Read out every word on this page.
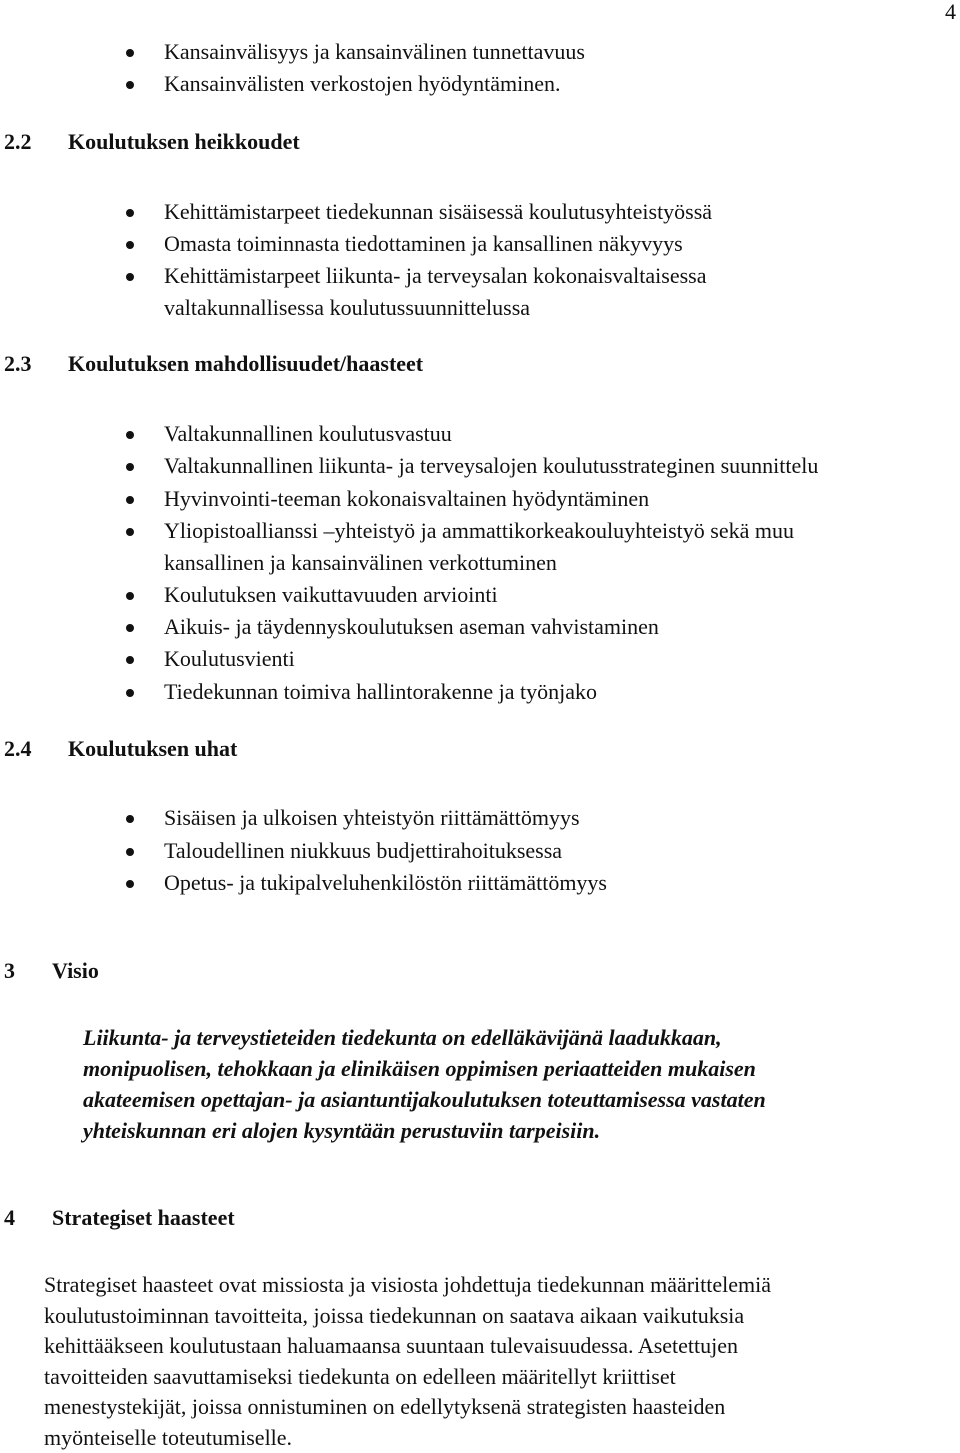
4
Kansainvälisyys ja kansainvälinen tunnettavuus
Kansainvälisten verkostojen hyödyntäminen.
2.2 Koulutuksen heikkoudet
Kehittämistarpeet tiedekunnan sisäisessä koulutusyhteistyössä
Omasta toiminnasta tiedottaminen ja kansallinen näkyvyys
Kehittämistarpeet liikunta- ja terveysalan kokonaisvaltaisessa
valtakunnallisessa koulutussuunnittelussa
2.3 Koulutuksen mahdollisuudet/haasteet
Valtakunnallinen koulutusvastuu
Valtakunnallinen liikunta- ja terveysalojen koulutusstrateginen suunnittelu
Hyvinvointi-teeman kokonaisvaltainen hyödyntäminen
Yliopistoallianssi –yhteistyö ja ammattikorkeakouluyhteistyö sekä muu
kansallinen ja kansainvälinen verkottuminen
Koulutuksen vaikuttavuuden arviointi
Aikuis- ja täydennyskoulutuksen aseman vahvistaminen
Koulutusvienti
Tiedekunnan toimiva hallintorakenne ja työnjako
2.4 Koulutuksen uhat
Sisäisen ja ulkoisen yhteistyön riittämättömyys
Taloudellinen niukkuus budjettirahoituksessa
Opetus- ja tukipalveluhenkilöstön riittämättömyys
3 Visio

Liikunta- ja terveystieteiden tiedekunta on edelläkävijänä laadukkaan,
monipuolisen, tehokkaan ja elinikäisen oppimisen periaatteiden mukaisen
akateemisen opettajan- ja asiantuntijakoulutuksen toteuttamisessa vastaten
yhteiskunnan eri alojen kysyntään perustuviin tarpeisiin.

4 Strategiset haasteet

Strategiset haasteet ovat missiosta ja visiosta johdettuja tiedekunnan määrittelemiä
koulutustoiminnan tavoitteita, joissa tiedekunnan on saatava aikaan vaikutuksia
kehittääkseen koulutustaan haluamaansa suuntaan tulevaisuudessa. Asetettujen
tavoitteiden saavuttamiseksi tiedekunta on edelleen määritellyt kriittiset
menestystekijät, joissa onnistuminen on edellytyksenä strategisten haasteiden
myönteiselle toteutumiselle.
